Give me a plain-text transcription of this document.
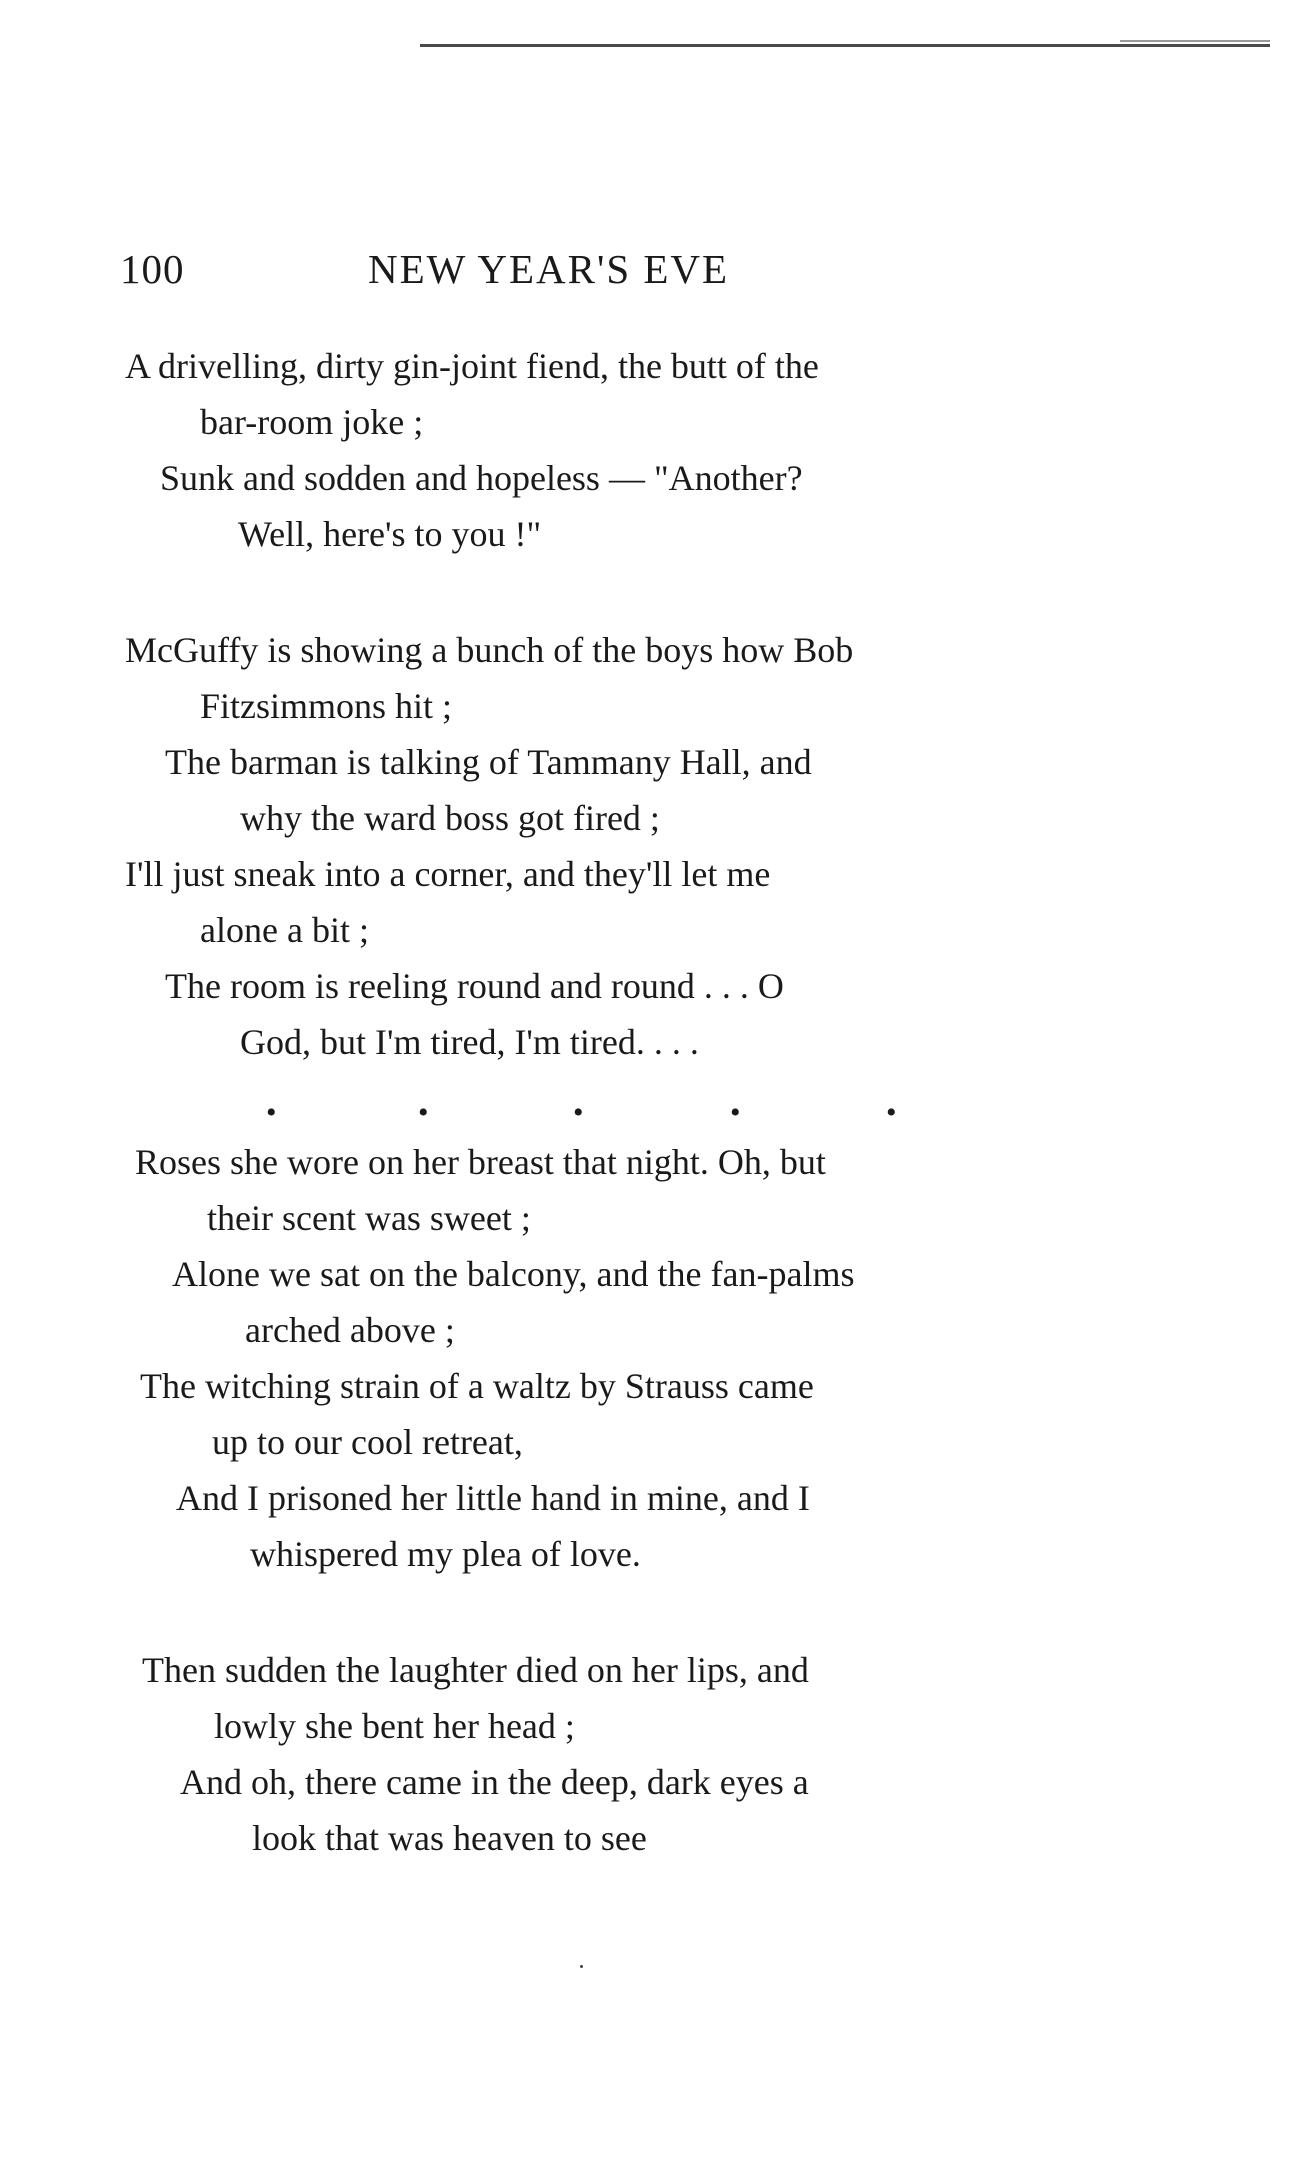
100	NEW YEAR'S EVE
A drivelling, dirty gin-joint fiend, the butt of the
bar-room joke ;
Sunk and sodden and hopeless — "Another?
Well, here's to you !"
McGuffy is showing a bunch of the boys how Bob
Fitzsimmons hit ;
The barman is talking of Tammany Hall, and
why the ward boss got fired ;
I'll just sneak into a corner, and they'll let me
alone a bit ;
The room is reeling round and round . . . O
God, but I'm tired, I'm tired. . . .
•	•	•	•	•
Roses she wore on her breast that night. Oh, but
their scent was sweet ;
Alone we sat on the balcony, and the fan-palms
arched above ;
The witching strain of a waltz by Strauss came
up to our cool retreat,
And I prisoned her little hand in mine, and I
whispered my plea of love.
Then sudden the laughter died on her lips, and
lowly she bent her head ;
And oh, there came in the deep, dark eyes a
look that was heaven to see
